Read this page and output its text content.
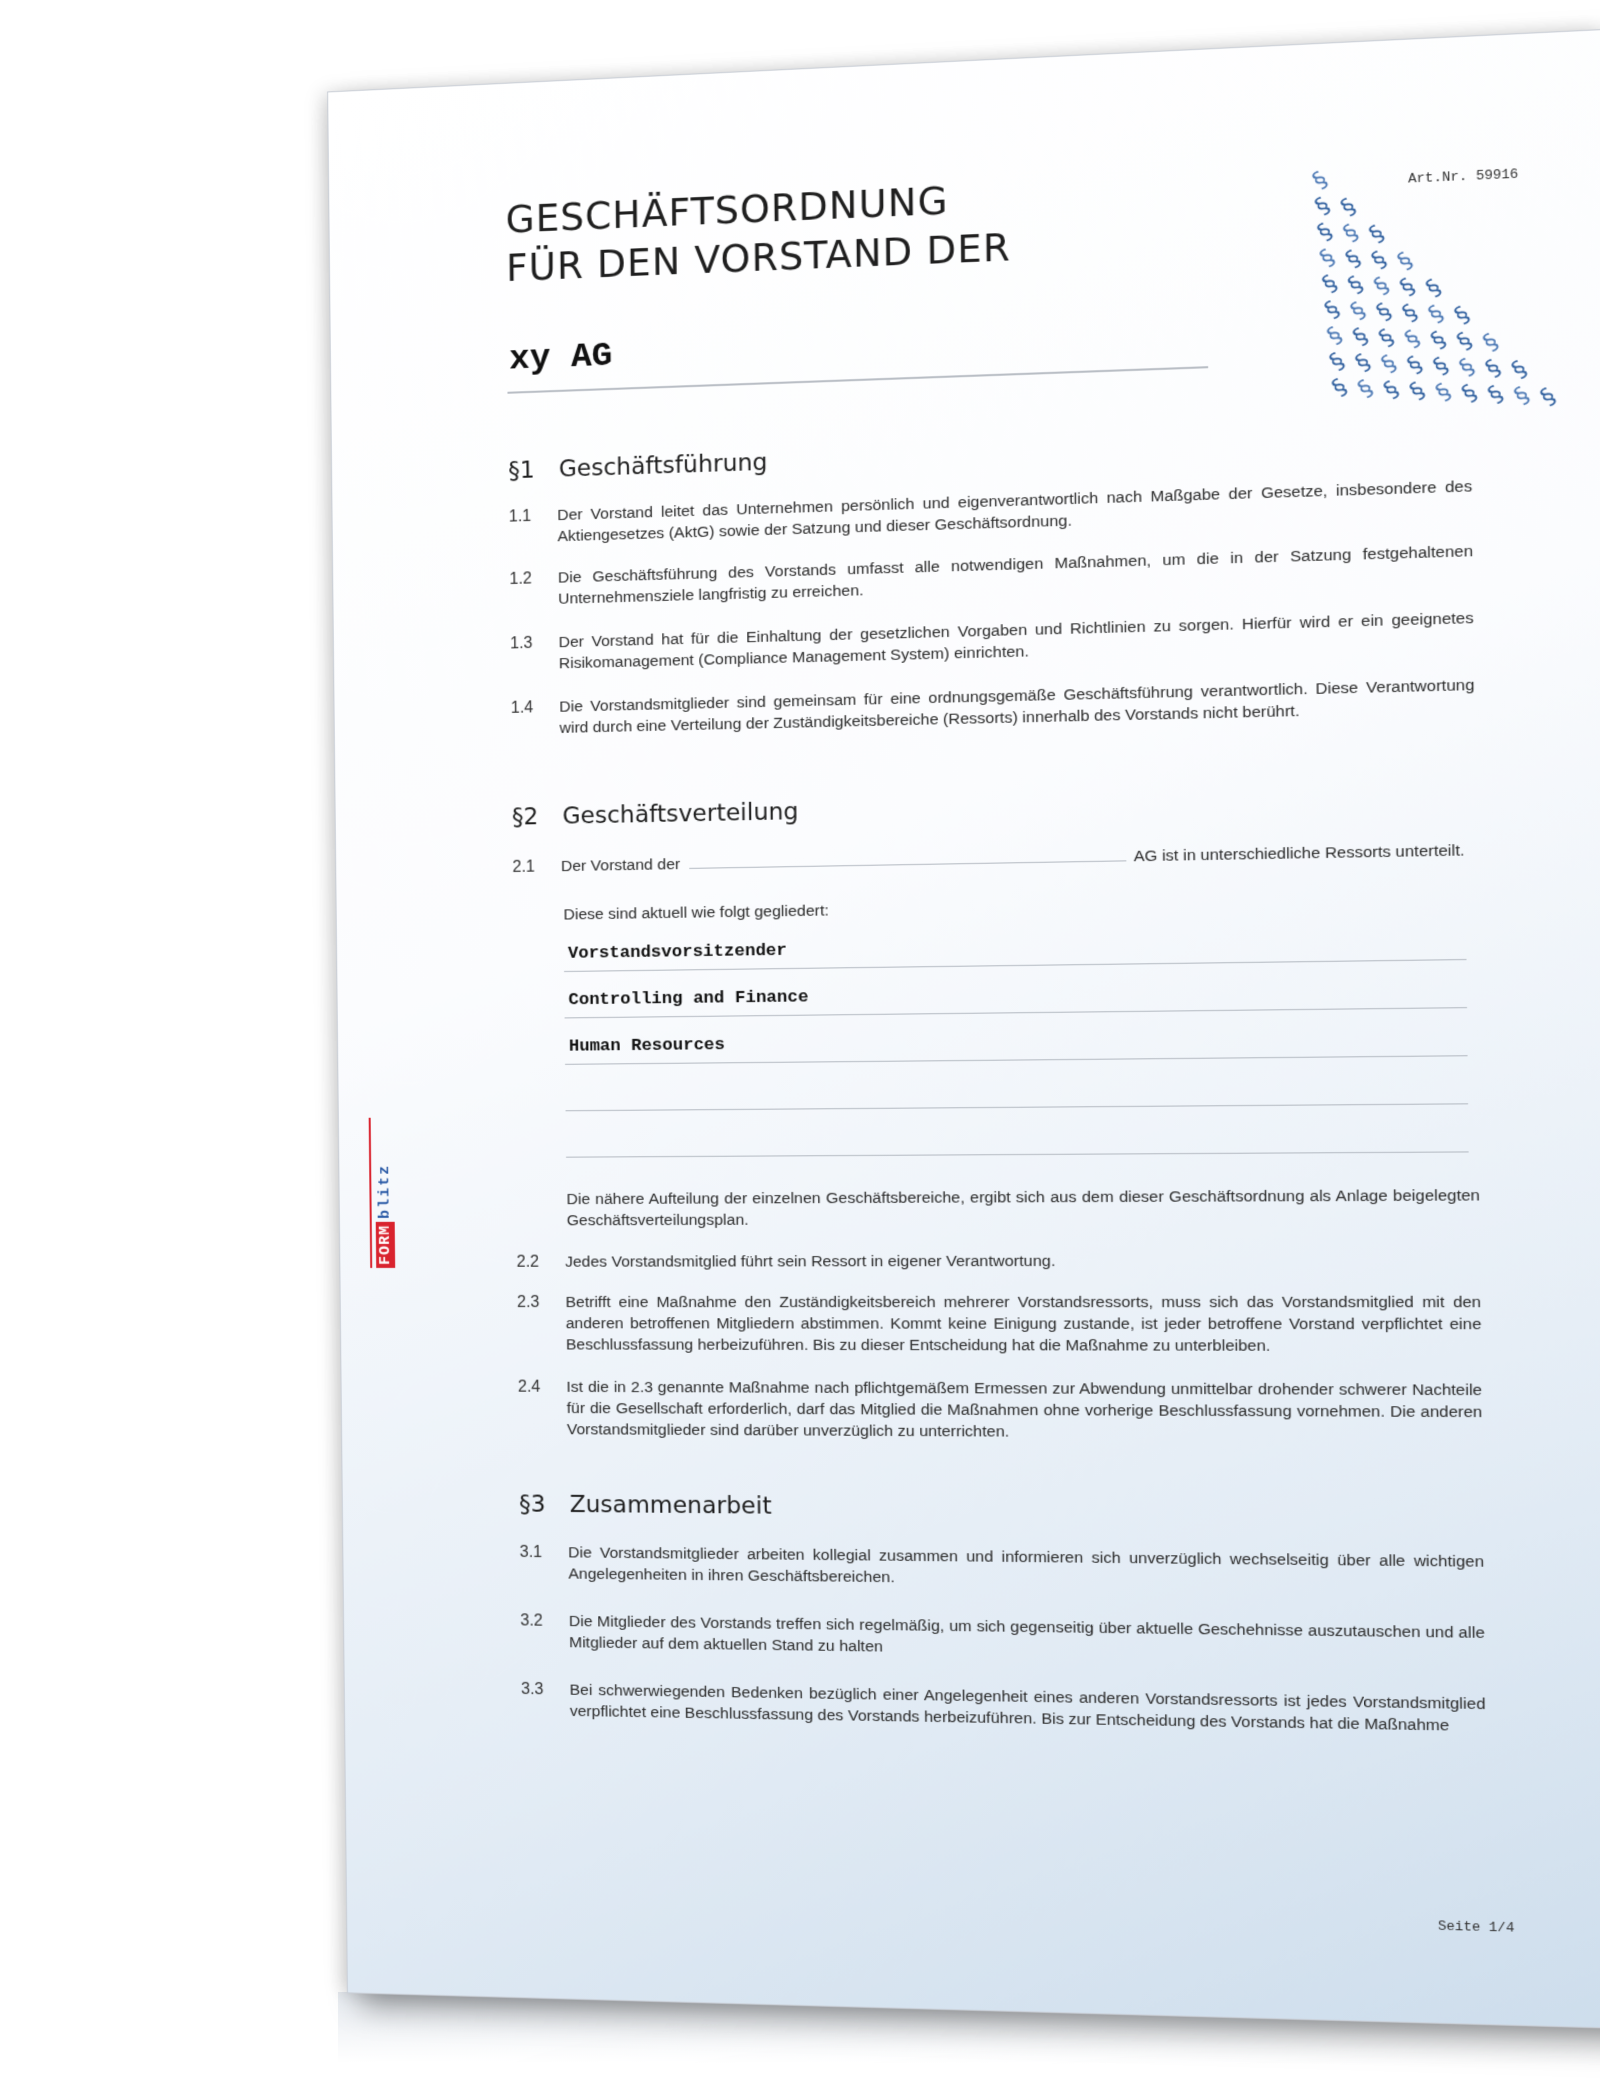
GESCHÄFTSORDNUNG
FÜR DEN VORSTAND DER
xy AG
Art.Nr. 59916
§
§ §
§ § §
§ § § §
§ § § § §
§ § § § § §
§ § § § § § §
§ § § § § § § §
§ § § § § § § § §
FORM
blitz
§1 Geschäftsführung
1.1	Der Vorstand leitet das Unternehmen persönlich und eigenverantwortlich nach Maßgabe der Gesetze, insbesondere des Aktiengesetzes (AktG) sowie der Satzung und dieser Geschäftsordnung.
1.2	Die Geschäftsführung des Vorstands umfasst alle notwendigen Maßnahmen, um die in der Satzung festgehaltenen Unternehmensziele langfristig zu erreichen.
1.3	Der Vorstand hat für die Einhaltung der gesetzlichen Vorgaben und Richtlinien zu sorgen. Hierfür wird er ein geeignetes Risikomanagement (Compliance Management System) einrichten.
1.4	Die Vorstandsmitglieder sind gemeinsam für eine ordnungsgemäße Geschäftsführung verantwortlich. Diese Verantwortung wird durch eine Verteilung der Zuständigkeitsbereiche (Ressorts) innerhalb des Vorstands nicht berührt.
§2 Geschäftsverteilung
2.1	Der Vorstand der  AG ist in unterschiedliche Ressorts unterteilt.
Diese sind aktuell wie folgt gegliedert:
Vorstandsvorsitzender
Controlling and Finance
Human Resources
Die nähere Aufteilung der einzelnen Geschäftsbereiche, ergibt sich aus dem dieser Geschäftsordnung als Anlage beigelegten Geschäftsverteilungsplan.
2.2	Jedes Vorstandsmitglied führt sein Ressort in eigener Verantwortung.
2.3	Betrifft eine Maßnahme den Zuständigkeitsbereich mehrerer Vorstandsressorts, muss sich das Vorstandsmitglied mit den anderen betroffenen Mitgliedern abstimmen. Kommt keine Einigung zustande, ist jeder betroffene Vorstand verpflichtet eine Beschlussfassung herbeizuführen. Bis zu dieser Entscheidung hat die Maßnahme zu unterbleiben.
2.4	Ist die in 2.3 genannte Maßnahme nach pflichtgemäßem Ermessen zur Abwendung unmittelbar drohender schwerer Nachteile für die Gesellschaft erforderlich, darf das Mitglied die Maßnahmen ohne vorherige Beschlussfassung vornehmen. Die anderen Vorstandsmitglieder sind darüber unverzüglich zu unterrichten.
§3 Zusammenarbeit
3.1	Die Vorstandsmitglieder arbeiten kollegial zusammen und informieren sich unverzüglich wechselseitig über alle wichtigen Angelegenheiten in ihren Geschäftsbereichen.
3.2	Die Mitglieder des Vorstands treffen sich regelmäßig, um sich gegenseitig über aktuelle Geschehnisse auszutauschen und alle Mitglieder auf dem aktuellen Stand zu halten
3.3	Bei schwerwiegenden Bedenken bezüglich einer Angelegenheit eines anderen Vorstandsressorts ist jedes Vorstandsmitglied verpflichtet eine Beschlussfassung des Vorstands herbeizuführen. Bis zur Entscheidung des Vorstands hat die Maßnahme
Seite 1/4
